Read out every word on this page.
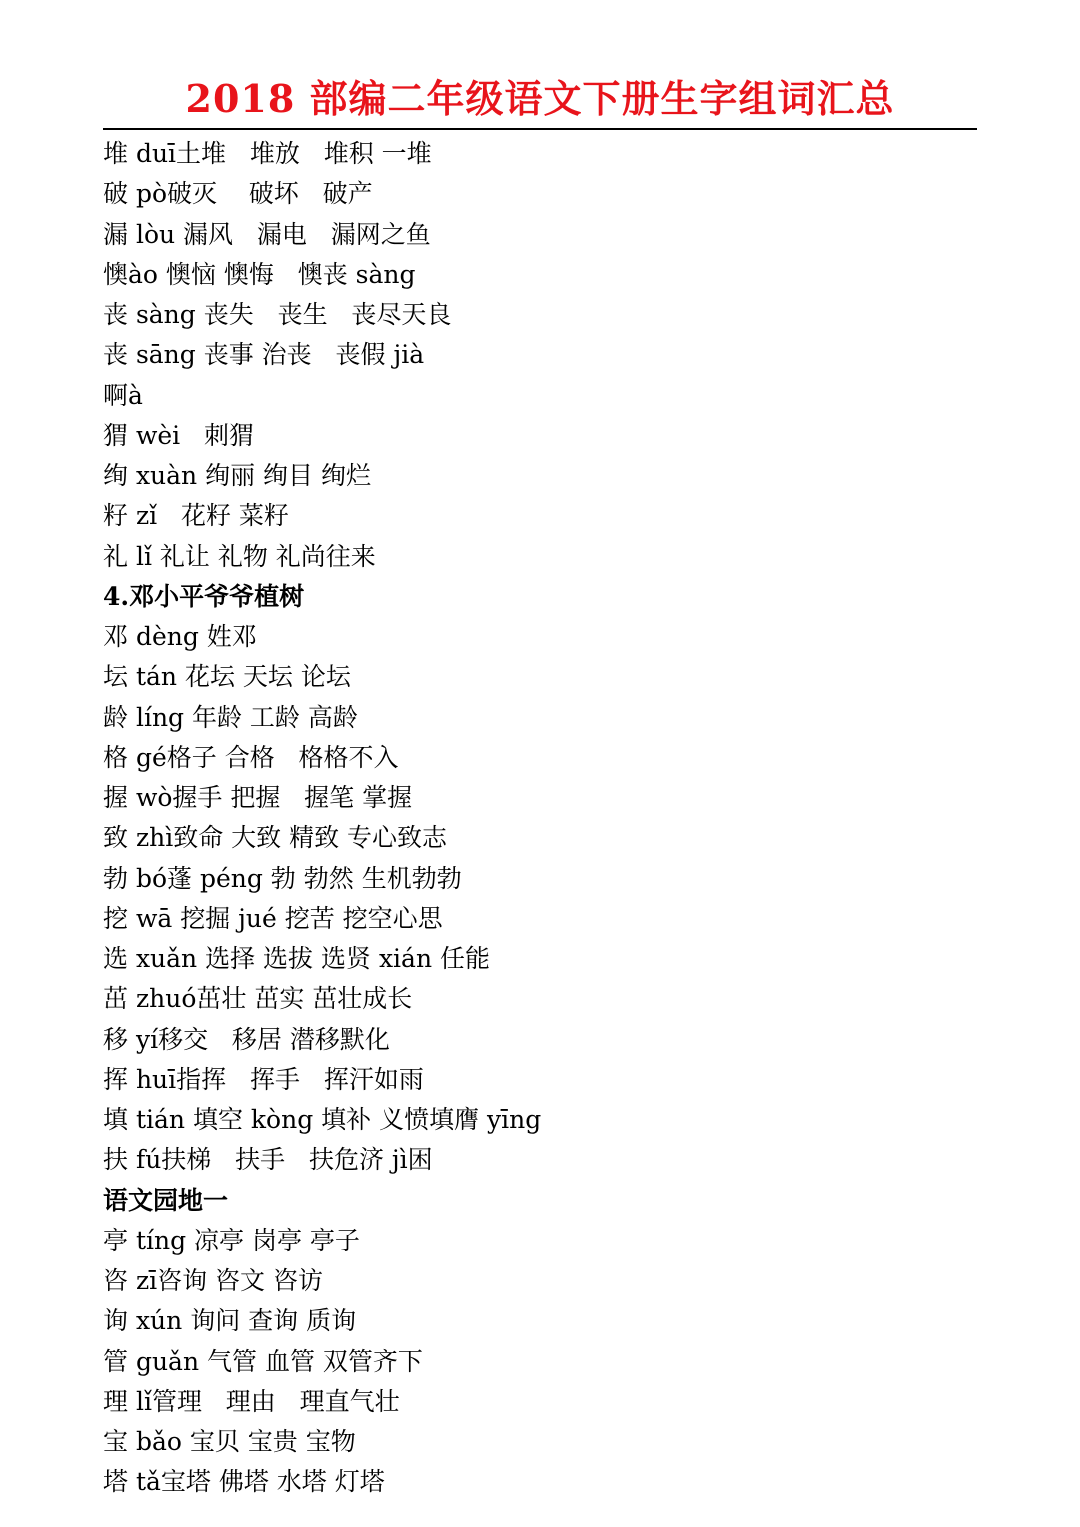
2018 部编二年级语文下册生字组词汇总
堆 duī土堆   堆放   堆积 一堆
破 pò破灭    破坏   破产
漏 lòu 漏风   漏电   漏网之鱼
懊ào 懊恼 懊悔   懊丧 sàng
丧 sàng 丧失   丧生   丧尽天良
丧 sāng 丧事 治丧   丧假 jià
啊à
猬 wèi   刺猬
绚 xuàn 绚丽 绚目 绚烂
籽 zǐ   花籽 菜籽
礼 lǐ 礼让 礼物 礼尚往来
4.邓小平爷爷植树
邓 dèng 姓邓
坛 tán 花坛 天坛 论坛
龄 líng 年龄 工龄 高龄
格 gé格子 合格   格格不入
握 wò握手 把握   握笔 掌握
致 zhì致命 大致 精致 专心致志
勃 bó蓬 péng 勃 勃然 生机勃勃
挖 wā 挖掘 jué 挖苦 挖空心思
选 xuǎn 选择 选拔 选贤 xián 任能
茁 zhuó茁壮 茁实 茁壮成长
移 yí移交   移居 潜移默化
挥 huī指挥   挥手   挥汗如雨
填 tián 填空 kòng 填补 义愤填膺 yīng
扶 fú扶梯   扶手   扶危济 jì困
语文园地一
亭 tíng 凉亭 岗亭 亭子
咨 zī咨询 咨文 咨访
询 xún 询问 查询 质询
管 guǎn 气管 血管 双管齐下
理 lǐ管理   理由   理直气壮
宝 bǎo 宝贝 宝贵 宝物
塔 tǎ宝塔 佛塔 水塔 灯塔
